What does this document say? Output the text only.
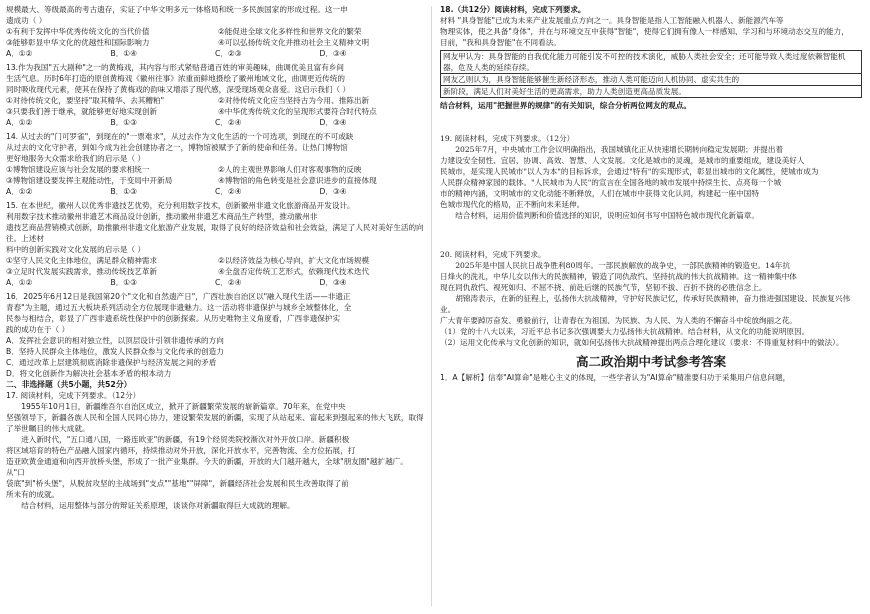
规模最大、等级最高的考古遗存，实证了中华文明多元一体格局和统一多民族国家的形成过程。这一申

遗成功（ ）

①有利于发挥中华优秀传统文化的当代价值	②能促进全球文化多样性和世界文化的繁荣

③能够彰显中华文化的优越性和国际影响力	④可以弘扬传统文化并推动社会主义精神文明

A．①②	B．①④	C．②③	D．③④

13.作为我国"五大剧种"之一的黄梅戏，其内容与形式紧贴普通百姓的审美趣味，曲调优美且富有乡间

生活气息。历时6年打造的原创黄梅戏《徽州往事》浓重而鲜地摄绘了徽州地域文化，曲调更近传统的

同时吸收现代元素，使其在保持了黄梅戏的韵味又增添了现代感，深受现场观众喜爱。这启示我们（ ）

①对待传统文化，要坚持"取其精华、去其糟粕"	②对待传统文化应当坚持古为今用、推陈出新

③只要我们善于继承，就能够更好地实现创新	④中华优秀传统文化的呈现形式要符合时代特点

A．①②	B．①③	C．②④	D．③④

14. 从过去的"门可罗雀"，到现在的"一票难求"，从过去作为文化生活的一个可选项，到现在的不可或缺

从过去的文化守护者，到如今成为社会创建协者之一，博物馆被赋予了新的使命和任务。让热门博物馆

更好地服务大众需求给我们的启示是（ ）

①博物馆建设应该与社会发展的要求相统一	②人的主观世界影响人们对客观事物的反映

③博物馆建设要发挥主观能动性，于变局中开新局	④博物馆的角色转变是社会意识进步的直接体现

A．①②	B．①③	C．②④	D．③④

15. 在本世纪，徽州人以优秀非遗技艺优势，充分利用数字技术，创新徽州非遗文化旅游商品开发设计。

利用数字技术推动徽州非遗艺术商品设计创新，推动徽州非遗艺术商品生产转型，推动徽州非

遗技艺商品营销模式创新，助推徽州非遗文化旅游产业发展，取得了良好的经济效益和社会效益，满足了人民对美好生活的向往。上述材

料中的创新实践对文化发展的启示是（ ）

①坚守人民文化主体地位，满足群众精神需求	②以经济效益为核心导向，扩大文化市场规模

③立足时代发展实践需求，推动传统技艺革新	④全盘否定传统工艺形式，依赖现代技术迭代

A．①②	B．①③	C．②④	D．③④

16．2025年6月12日是我国第20个"文化和自然遗产日"，广西壮族自治区以"融入现代生活——非遗正

青春"为主题，通过五大板块系列活动全方位展现非遗魅力。这一活动将非遗保护与城乡全域整体化，全

民参与相结合，彰显了广西非遗系统性保护中的创新探索。从历史唯物主义角度看，广西非遗保护实

践的成功在于（ ）

A．发挥社会意识的相对独立性，以顶层设计引领非遗传承的方向

B．坚持人民群众主体地位，激发人民群众参与文化传承的创造力

C．通过改革上层建筑彻底消除非遗保护与经济发展之间的矛盾

D．将文化创新作为解决社会基本矛盾的根本动力

二、非选择题（共5小题，共52分）

17. 阅读材料，完成下列要求。（12分）

1955年10月1日，新疆维吾尔自治区成立，掀开了新疆繁荣发展的崭新篇章。70年来，在党中央

坚强领导下，新疆各族人民和全国人民同心协力，建设繁荣发展的新疆，实现了从站起来、富起来到强起来的伟大飞跃，取得了举世瞩目的伟大成就。

进入新时代，"五口通八国，一路连欧亚"的新疆，有19个经贸类院校渐次对外开放口岸。新疆积极

将区域培育的特色产品融入国家内循环，持续推动对外开放，深化开放水平，完善物流、全方位拓展，打

造亚欧黄金通道和向西开放桥头堡，形成了一批产业集群。今天的新疆，开放的大门越开越大，全球"朋友圈"越扩越广。从"口

袋底"到"桥头堡"，从脱贫攻坚的主战场到"支点""基地""屏障"，新疆经济社会发展和民生改善取得了前

所未有的成就。

结合材料，运用整体与部分的辩证关系原理，谈谈你对新疆取得巨大成就的理解。

18.（共12分）阅读材料，完成下列要求。

材料 "具身智能"已成为未来产业发展重点方向之一。具身智能是指人工智能融入机器人、新能源汽车等

物理实体，使之具备"身体"，并在与环境交互中获得"智能"，使得它们拥有像人一样感知、学习和与环境动态交互的能力，

目前，"我和具身智能"在不同看法。

网友甲认为：具身智能的自我优化能力可能引发不可控的技术演化，威胁人类社会安全；还可能导致人类过度依赖智能机器，危及人类的延续存续。

网友乙则认为，具身智能能够催生新经济形态，推动人类可能迈向人机协同、虚实共生的

新阶段，满足人们对美好生活的更高需求，助力人类创造更高品质发展。

结合材料，运用"把握世界的规律"的有关知识，综合分析两位网友的观点。

19. 阅读材料，完成下列要求。（12分）

2025年7月，中央城市工作会议明确指出，我国城镇化正从快速增长期转向稳定发展期；并提出着

力建设安全韧性、宜居、协调、高效、智慧、人文发展。文化是城市的灵魂，是城市的重要组成，建设美好人

民城市，是实现人民城市"以人为本"的目标诉求，会通过"特有"的实现形式，彰显出城市的文化属性，使城市成为

人民群众精神家园的载体。"人民城市为人民"的宣言在全国各地的城市发展中持续生长、点亮每一个城

市的精神内涵，文明城市的文化动能不断释放，人们在城市中获得文化认同，构建起一座中国特

色城市现代化的格局，正不断向未来延伸。

结合材料，运用价值判断和价值选择的知识，说明应如何书写中国特色城市现代化新篇章。

20. 阅读材料，完成下列要求。

2025年是中国人民抗日战争胜利80周年。一部民族解放的战争史，一部民族精神的锻造史。14年抗

日烽火的洗礼，中华儿女以伟大的民族精神，锻造了同仇敌忾、坚持抗战的伟大抗战精神。这一精神集中体

现在同仇敌忾、视死如归、不屈不挠、前赴后继的民族气节，坚韧不拔、百折不挠的必胜信念上。

胡锦涛表示，在新的征程上，弘扬伟大抗战精神，守护好民族记忆，传承好民族精神，奋力推进强国建设、民族复兴伟业。

广大青年要踔厉奋发、勇毅前行，让青春在为祖国、为民族、为人民、为人类的不懈奋斗中绽放绚丽之花。

（1）党的十八大以来，习近平总书记多次强调要大力弘扬伟大抗战精神。结合材料，从文化的功能说明原因。

（2）运用文化传承与文化创新的知识，就如何弘扬伟大抗战精神提出两点合理化建议（要求：不得重复材料中的做法）。

高二政治期中考试参考答案

1．A【解析】信奉"AI算命"是唯心主义的体现，一些学者认为"AI算命"精准要归功于采集用户信息问题，
